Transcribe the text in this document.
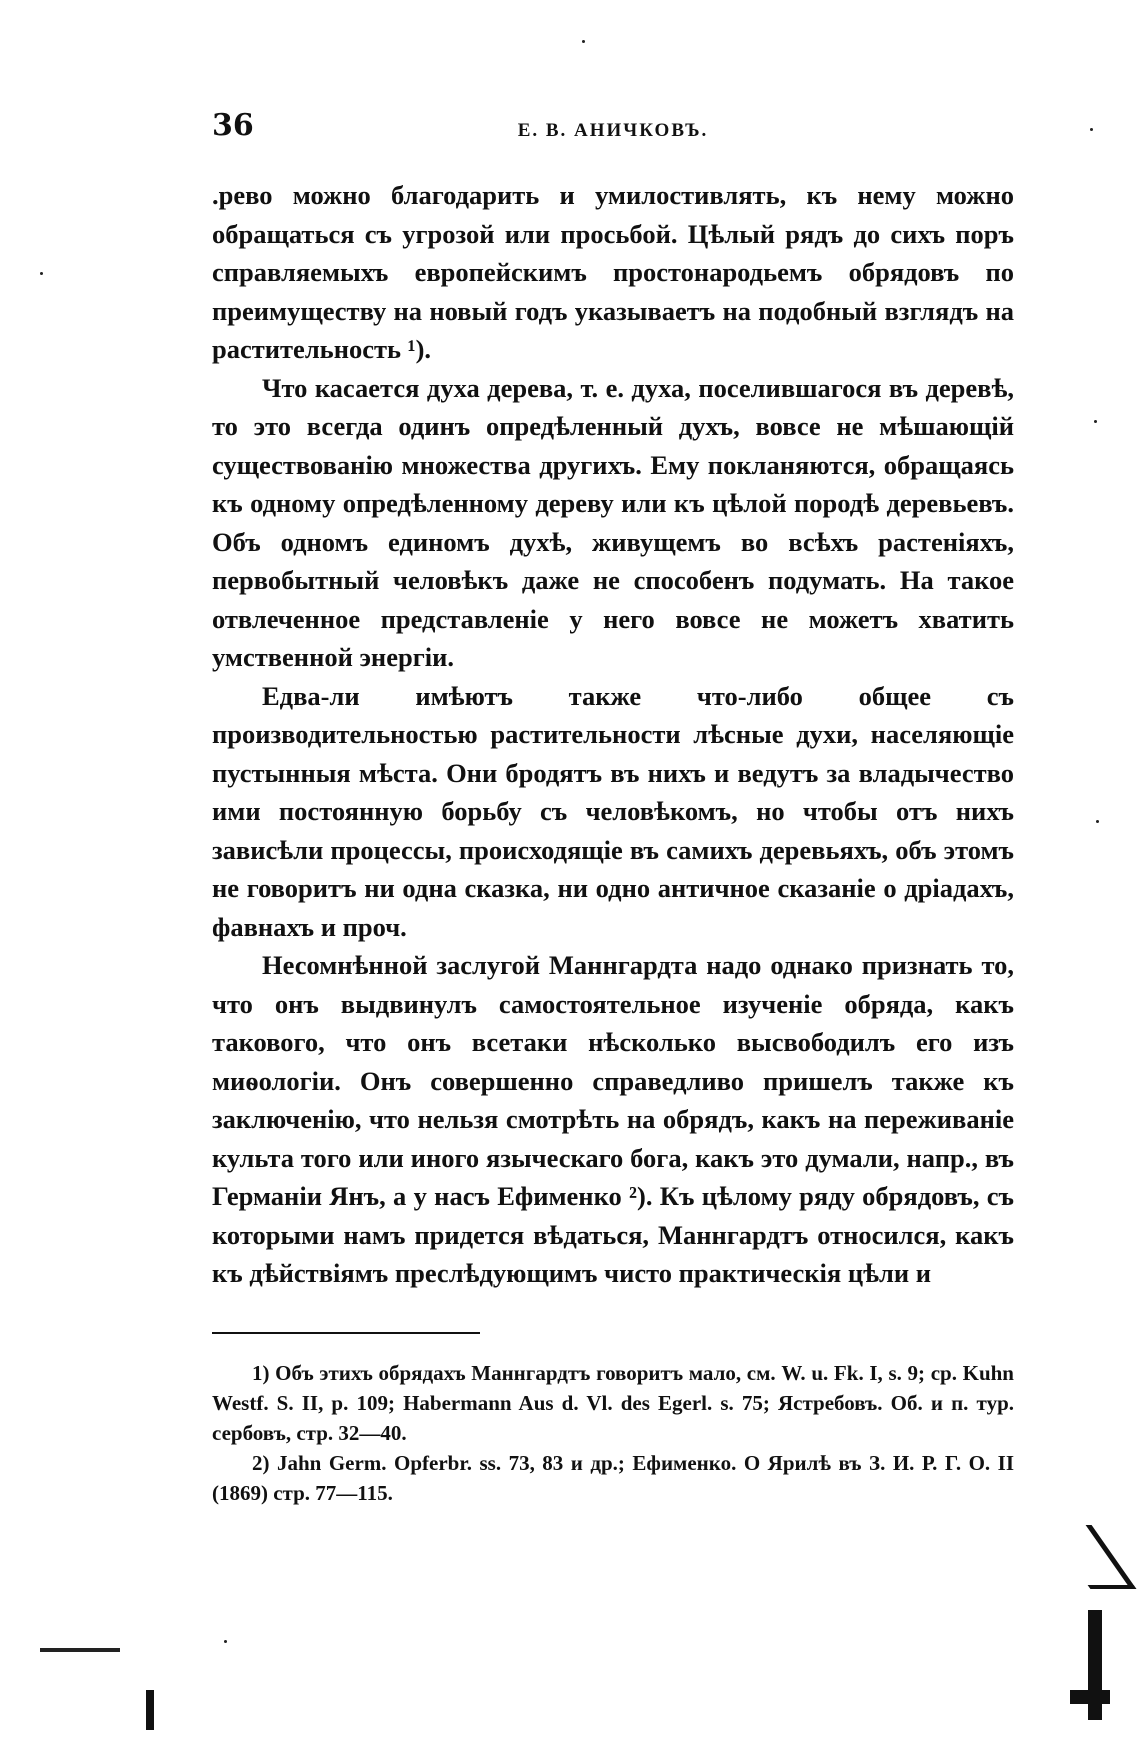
36	Е. В. АНИЧКОВЪ.

.рево можно благодарить и умилостивлять, къ нему можно обращаться съ угрозой или просьбой. Цѣлый рядъ до сихъ поръ справляемыхъ европейскимъ простонародьемъ обрядовъ по преимуществу на новый годъ указываетъ на подобный взглядъ на растительность ¹).

Что касается духа дерева, т. е. духа, поселившагося въ деревѣ, то это всегда одинъ опредѣленный духъ, вовсе не мѣшающій существованію множества другихъ. Ему покланяются, обращаясь къ одному опредѣленному дереву или къ цѣлой породѣ деревьевъ. Объ одномъ единомъ духѣ, живущемъ во всѣхъ растеніяхъ, первобытный человѣкъ даже не способенъ подумать. На такое отвлеченное представленіе у него вовсе не можетъ хватить умственной энергіи.

Едва-ли имѣютъ также что-либо общее съ производительностью растительности лѣсные духи, населяющіе пустынныя мѣста. Они бродятъ въ нихъ и ведутъ за владычество ими постоянную борьбу съ человѣкомъ, но чтобы отъ нихъ зависѣли процессы, происходящіе въ самихъ деревьяхъ, объ этомъ не говоритъ ни одна сказка, ни одно античное сказаніе о дріадахъ, фавнахъ и проч.

Несомнѣнной заслугой Маннгардта надо однако признать то, что онъ выдвинулъ самостоятельное изученіе обряда, какъ такового, что онъ всетаки нѣсколько высвободилъ его изъ миѳологіи. Онъ совершенно справедливо пришелъ также къ заключенію, что нельзя смотрѣть на обрядъ, какъ на переживаніе культа того или иного языческаго бога, какъ это думали, напр., въ Германіи Янъ, а у насъ Ефименко ²). Къ цѣлому ряду обрядовъ, съ которыми намъ придется вѣдаться, Маннгардтъ относился, какъ къ дѣйствіямъ преслѣдующимъ чисто практическія цѣли и

1) Объ этихъ обрядахъ Маннгардтъ говоритъ мало, см. W. u. Fk. I, s. 9; ср. Kuhn Westf. S. II, p. 109; Habermann Aus d. Vl. des Egerl. s. 75; Ястребовъ. Об. и п. тур. сербовъ, стр. 32—40.

2) Jahn Germ. Opferbr. ss. 73, 83 и др.; Ефименко. О Ярилѣ въ З. И. Р. Г. О. II (1869) стр. 77—115.
